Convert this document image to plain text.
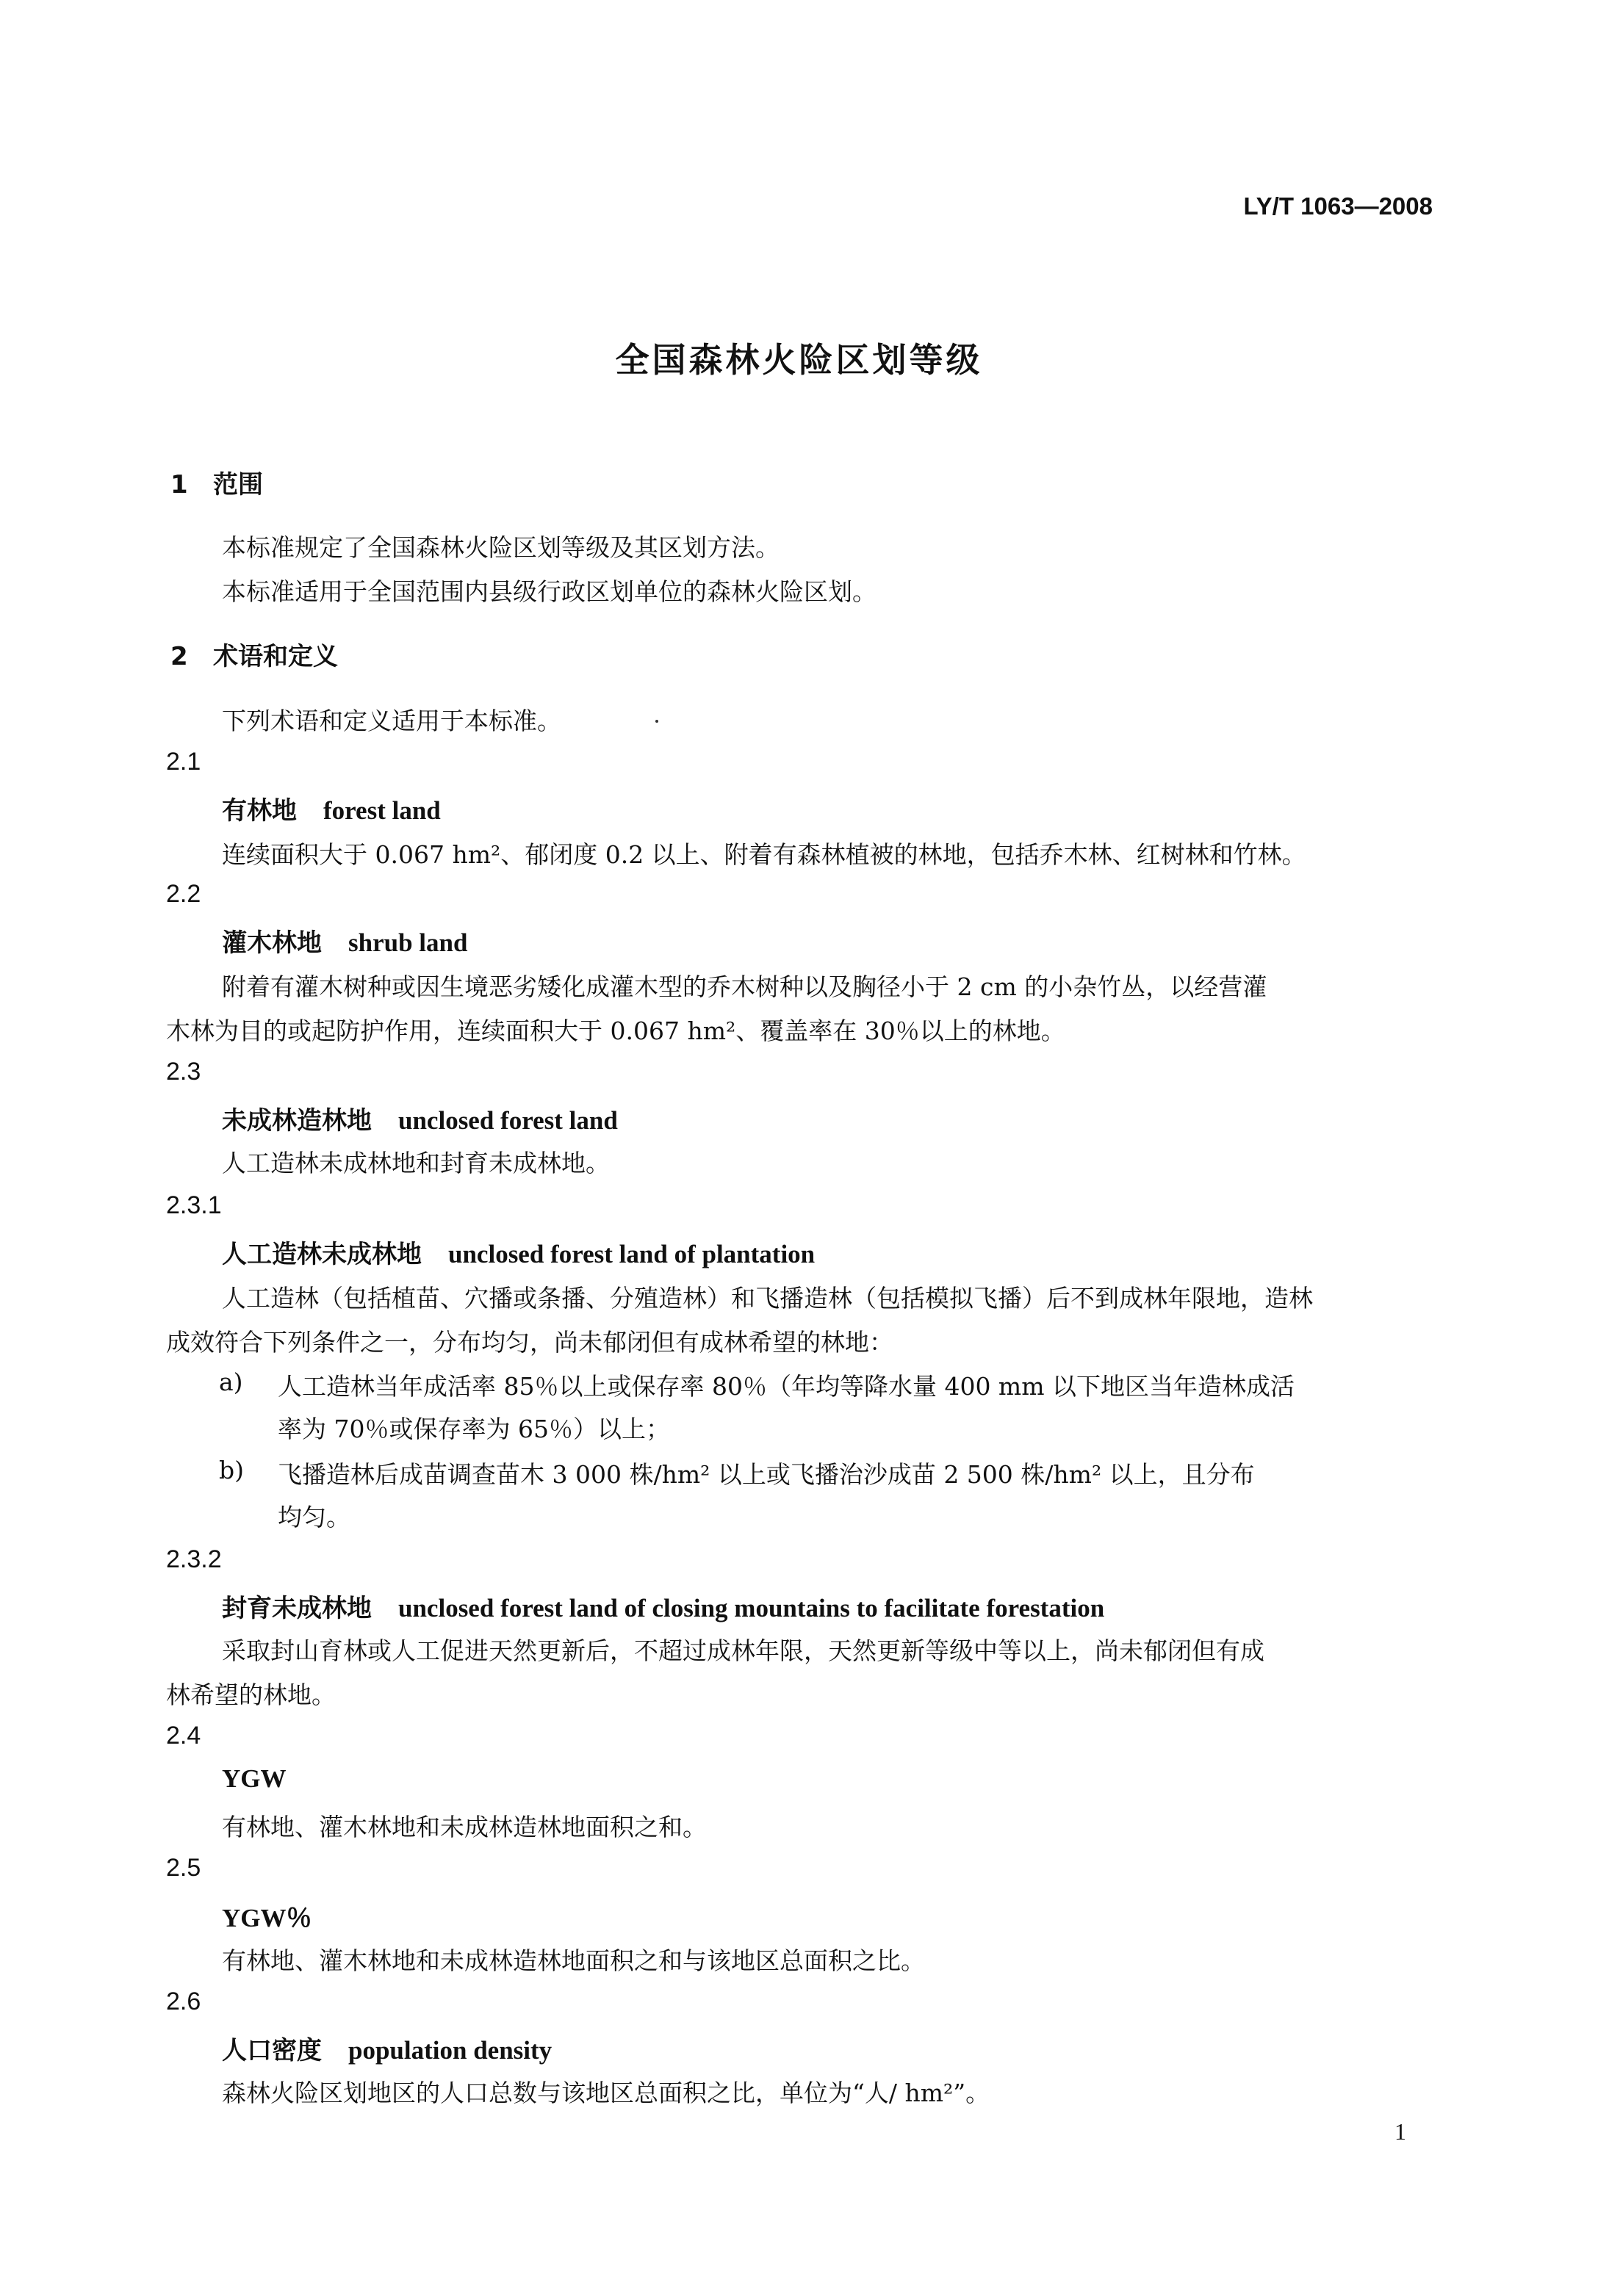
LY/T 1063—2008
全国森林火险区划等级
1 范围
本标准规定了全国森林火险区划等级及其区划方法。
本标准适用于全国范围内县级行政区划单位的森林火险区划。
2 术语和定义
下列术语和定义适用于本标准。
2.1
有林地 forest land
连续面积大于 0.067 hm²、郁闭度 0.2 以上、附着有森林植被的林地，包括乔木林、红树林和竹林。
2.2
灌木林地 shrub land
附着有灌木树种或因生境恶劣矮化成灌木型的乔木树种以及胸径小于 2 cm 的小杂竹丛，以经营灌
木林为目的或起防护作用，连续面积大于 0.067 hm²、覆盖率在 30％以上的林地。
2.3
未成林造林地 unclosed forest land
人工造林未成林地和封育未成林地。
2.3.1
人工造林未成林地 unclosed forest land of plantation
人工造林（包括植苗、穴播或条播、分殖造林）和飞播造林（包括模拟飞播）后不到成林年限地，造林
成效符合下列条件之一，分布均匀，尚未郁闭但有成林希望的林地：
a) 人工造林当年成活率 85％以上或保存率 80％（年均等降水量 400 mm 以下地区当年造林成活
率为 70％或保存率为 65％）以上；
b) 飞播造林后成苗调查苗木 3 000 株/hm² 以上或飞播治沙成苗 2 500 株/hm² 以上，且分布
均匀。
2.3.2
封育未成林地 unclosed forest land of closing mountains to facilitate forestation
采取封山育林或人工促进天然更新后，不超过成林年限，天然更新等级中等以上，尚未郁闭但有成
林希望的林地。
2.4
YGW
有林地、灌木林地和未成林造林地面积之和。
2.5
YGW％
有林地、灌木林地和未成林造林地面积之和与该地区总面积之比。
2.6
人口密度 population density
森林火险区划地区的人口总数与该地区总面积之比，单位为“人/ hm²”。
1
